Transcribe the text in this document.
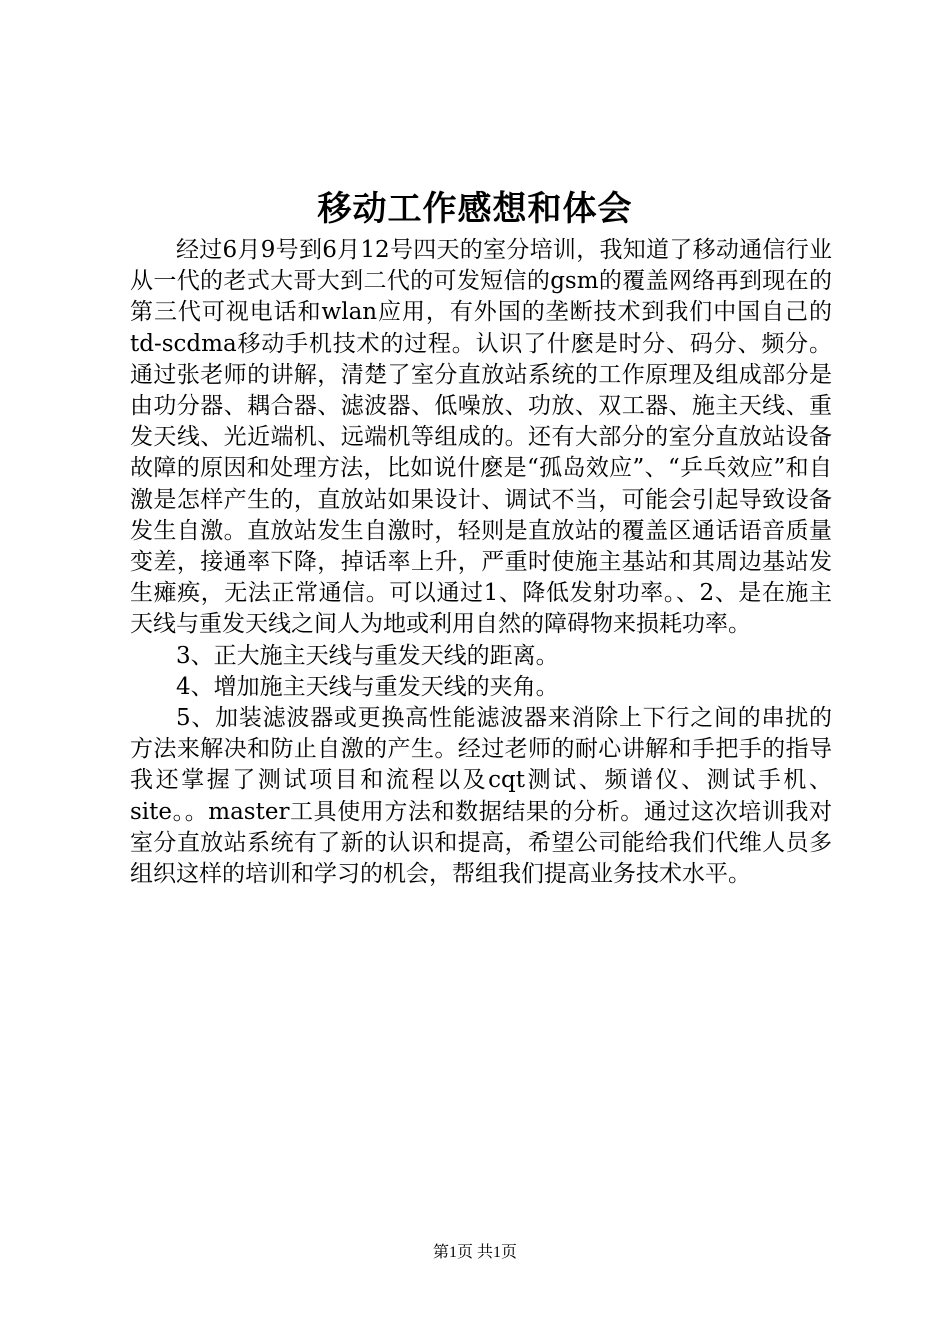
移动工作感想和体会

经过6月9号到6月12号四天的室分培训，我知道了移动通信行业从一代的老式大哥大到二代的可发短信的gsm的覆盖网络再到现在的第三代可视电话和wlan应用，有外国的垄断技术到我们中国自己的td-scdma移动手机技术的过程。认识了什麽是时分、码分、频分。通过张老师的讲解，清楚了室分直放站系统的工作原理及组成部分是由功分器、耦合器、滤波器、低噪放、功放、双工器、施主天线、重发天线、光近端机、远端机等组成的。还有大部分的室分直放站设备故障的原因和处理方法，比如说什麽是“孤岛效应”、“乒乓效应”和自激是怎样产生的，直放站如果设计、调试不当，可能会引起导致设备发生自激。直放站发生自激时，轻则是直放站的覆盖区通话语音质量变差，接通率下降，掉话率上升，严重时使施主基站和其周边基站发生瘫痪，无法正常通信。可以通过1、降低发射功率。、2、是在施主天线与重发天线之间人为地或利用自然的障碍物来损耗功率。

3、正大施主天线与重发天线的距离。

4、增加施主天线与重发天线的夹角。

5、加装滤波器或更换高性能滤波器来消除上下行之间的串扰的方法来解决和防止自激的产生。经过老师的耐心讲解和手把手的指导我还掌握了测试项目和流程以及cqt测试、频谱仪、测试手机、site。。master工具使用方法和数据结果的分析。通过这次培训我对室分直放站系统有了新的认识和提高，希望公司能给我们代维人员多组织这样的培训和学习的机会，帮组我们提高业务技术水平。

第1页 共1页
